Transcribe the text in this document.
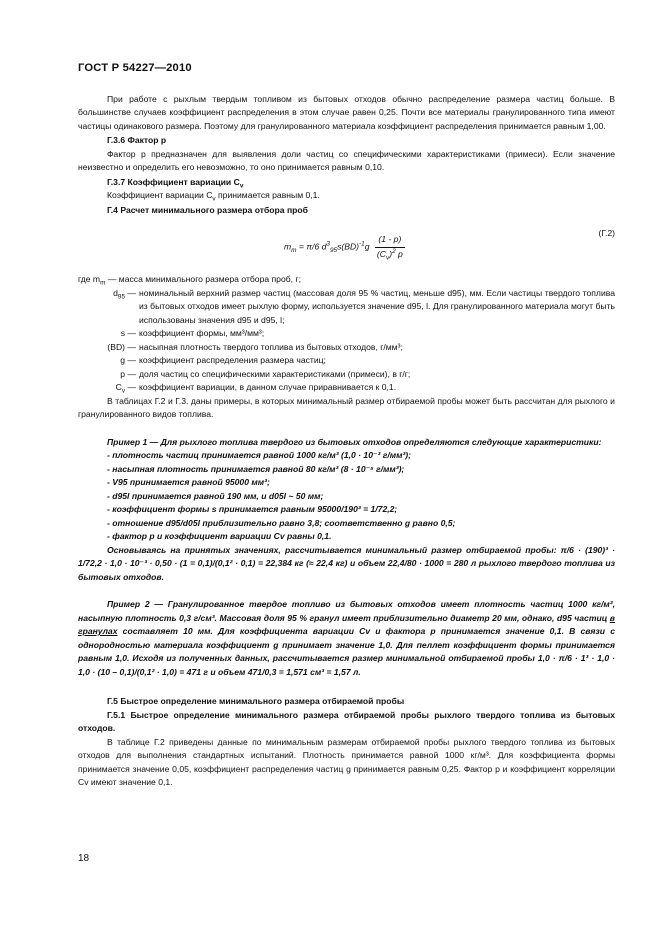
ГОСТ Р 54227—2010

При работе с рыхлым твердым топливом из бытовых отходов обычно распределение размера частиц больше. В большинстве случаев коэффициент распределения в этом случае равен 0,25. Почти все материалы гранулированного типа имеют частицы одинакового размера. Поэтому для гранулированного материала коэффициент распределения принимается равным 1,00.

Г.3.6 Фактор p

Фактор p предназначен для выявления доли частиц со специфическими характеристиками (примеси). Если значение неизвестно и определить его невозможно, то оно принимается равным 0,10.

Г.3.7 Коэффициент вариации $C_v$

Коэффициент вариации $C_v$ принимается равным 0,1.

Г.4 Расчет минимального размера отбора проб
$m_m = \pi/6$ $d^3_{95}s(BD)^{-1}g \frac{(1 - p)}{(C_v)^2 p}$	(Г.2)

где $m_m$ — масса минимального размера отбора проб, г;

$d_{95}$ — номинальный верхний размер частиц (массовая доля 95 % частиц, меньше d95), мм. Если частицы твердого топлива из бытовых отходов имеет рыхлую форму, используется значение d95, l. Для гранулированного материала могут быть использованы значения d95 и d95, l;
s — коэффициент формы, мм³/мм³;
(BD) — насыпная плотность твердого топлива из бытовых отходов, г/мм³;
g — коэффициент распределения размера частиц;
p — доля частиц со специфическими характеристиками (примеси), в г/г;
$C_v$ — коэффициент вариации, в данном случае приравнивается к 0,1.

В таблицах Г.2 и Г.3. даны примеры, в которых минимальный размер отбираемой пробы может быть рассчитан для рыхлого и гранулированного видов топлива.

Пример 1 — Для рыхлого топлива твердого из бытовых отходов определяются следующие характеристики:

- плотность частиц принимается равной 1000 кг/м³ (1,0 · 10⁻³ г/мм³);
- насыпная плотность принимается равной 80 кг/м³ (8 · 10⁻⁵ г/мм³);
- V95 принимается равной 95000 мм³;
- d95l принимается равной 190 мм, и d05l ~ 50 мм;
- коэффициент формы s принимается равным 95000/190³ = 1/72,2;
- отношение d95/d05l приблизительно равно 3,8; соответственно g равно 0,5;
- фактор p и коэффициент вариации Cv равны 0,1.

Основываясь на принятых значениях, рассчитывается минимальный размер отбираемой пробы: π/6 · (190)³ · 1/72,2 · 1,0 · 10⁻³ · 0,50 · (1 = 0,1)/(0,1² · 0,1) = 22,384 кг (≈ 22,4 кг) и объем 22,4/80 · 1000 = 280 л рыхлого твердого топлива из бытовых отходов.

Пример 2 — Гранулированное твердое топливо из бытовых отходов имеет плотность частиц 1000 кг/м³, насыпную плотность 0,3 г/см³. Массовая доля 95 % гранул имеет приблизительно диаметр 20 мм, однако, d95 частиц в гранулах составляет 10 мм. Для коэффициента вариации Cv и фактора p принимается значение 0,1. В связи с однородностью материала коэффициент g принимает значение 1,0. Для пеллет коэффициент формы принимается равным 1,0. Исходя из полученных данных, рассчитывается размер минимальной отбираемой пробы 1,0 · π/6 · 1³ · 1,0 · 1,0 · (10 – 0,1)/(0,1² · 1,0) = 471 г и объем 471/0,3 = 1,571 см³ = 1,57 л.

Г.5 Быстрое определение минимального размера отбираемой пробы

Г.5.1 Быстрое определение минимального размера отбираемой пробы рыхлого твердого топлива из бытовых отходов.

В таблице Г.2 приведены данные по минимальным размерам отбираемой пробы рыхлого твердого топлива из бытовых отходов для выполнения стандартных испытаний. Плотность принимается равной 1000 кг/м³. Для коэффициента формы принимается значение 0,05, коэффициент распределения частиц g принимается равным 0,25. Фактор p и коэффициент корреляции Cv имеют значение 0,1.

18
